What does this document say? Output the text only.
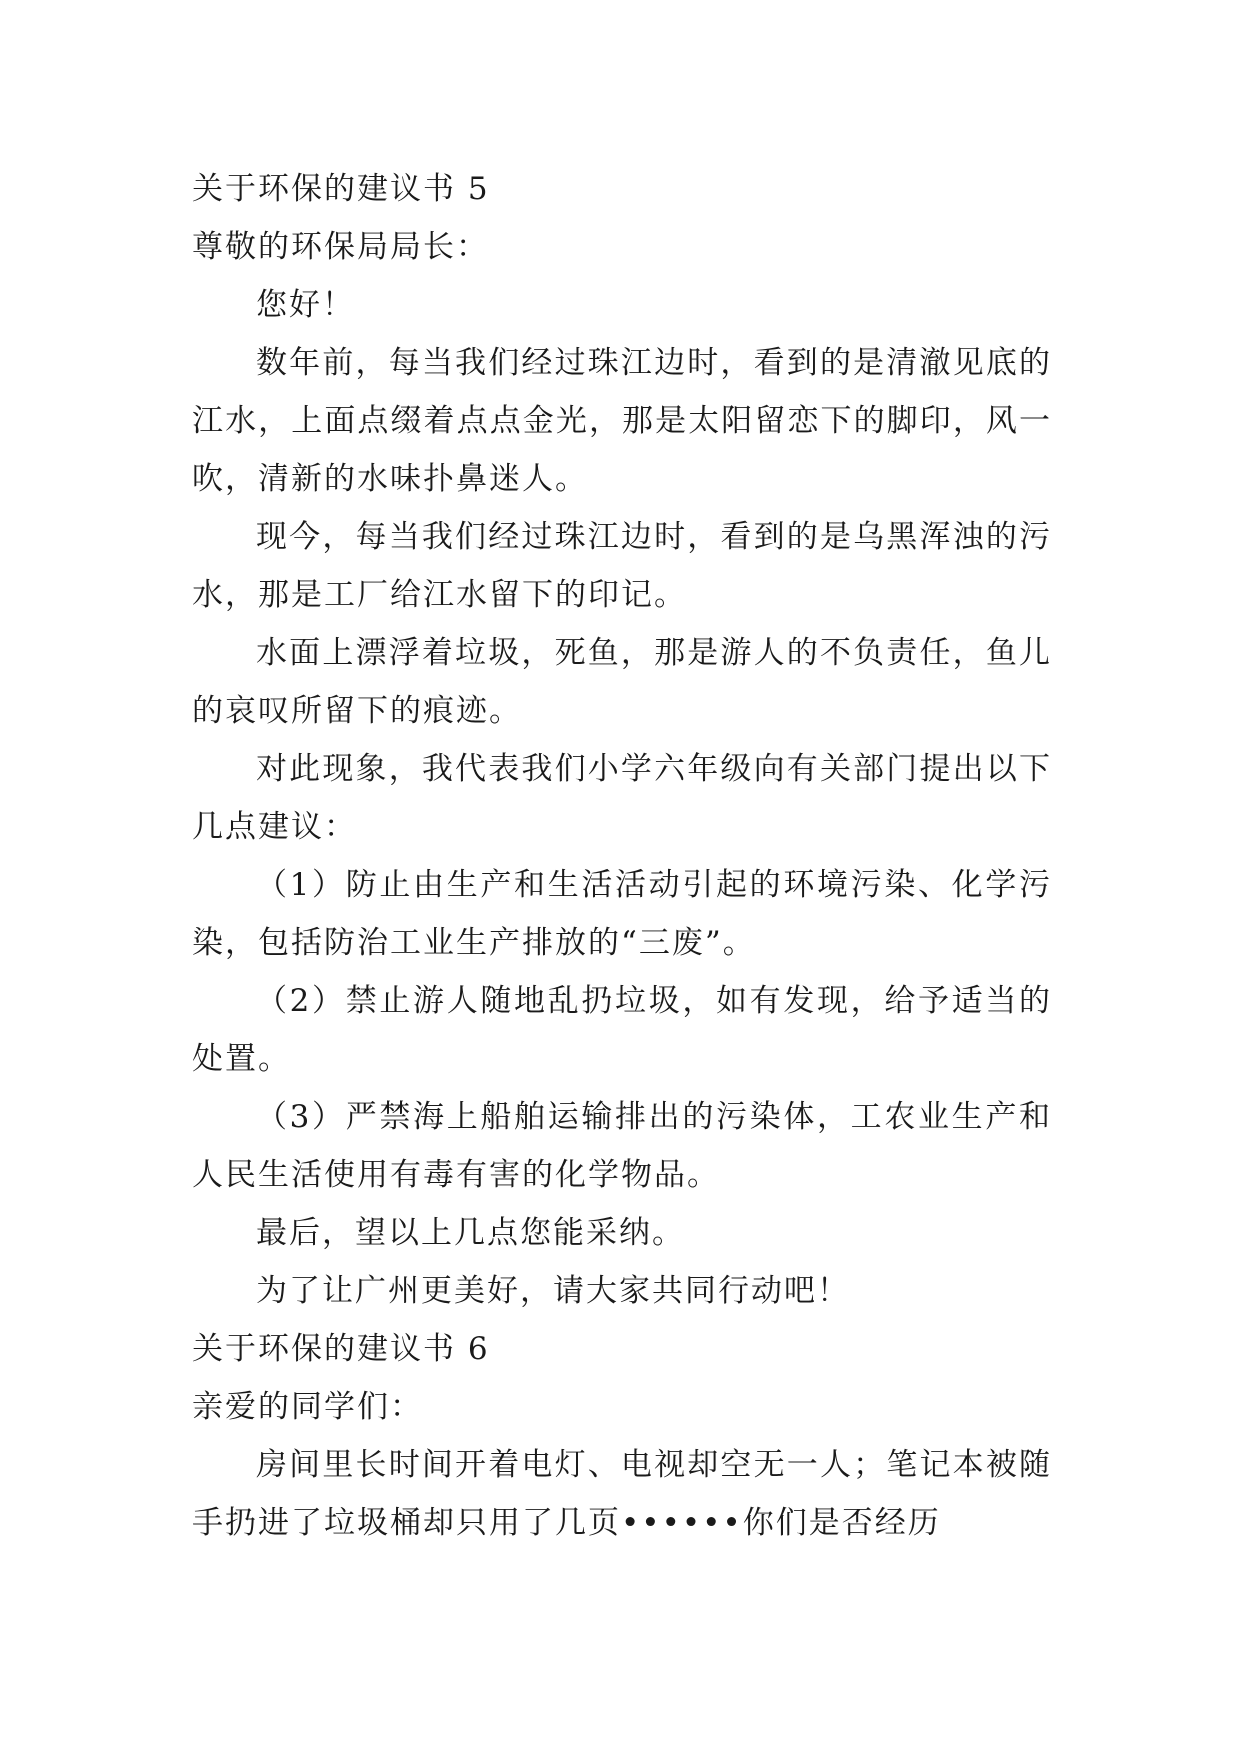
关于环保的建议书 5
尊敬的环保局局长：

您好！

数年前，每当我们经过珠江边时，看到的是清澈见底的江水，上面点缀着点点金光，那是太阳留恋下的脚印，风一吹，清新的水味扑鼻迷人。

现今，每当我们经过珠江边时，看到的是乌黑浑浊的污水，那是工厂给江水留下的印记。

水面上漂浮着垃圾，死鱼，那是游人的不负责任，鱼儿的哀叹所留下的痕迹。

对此现象，我代表我们小学六年级向有关部门提出以下几点建议：

（1）防止由生产和生活活动引起的环境污染、化学污染，包括防治工业生产排放的“三废”。

（2）禁止游人随地乱扔垃圾，如有发现，给予适当的处置。

（3）严禁海上船舶运输排出的污染体，工农业生产和人民生活使用有毒有害的化学物品。

最后，望以上几点您能采纳。

为了让广州更美好，请大家共同行动吧！

关于环保的建议书 6
亲爱的同学们：

房间里长时间开着电灯、电视却空无一人；笔记本被随手扔进了垃圾桶却只用了几页••••••你们是否经历
